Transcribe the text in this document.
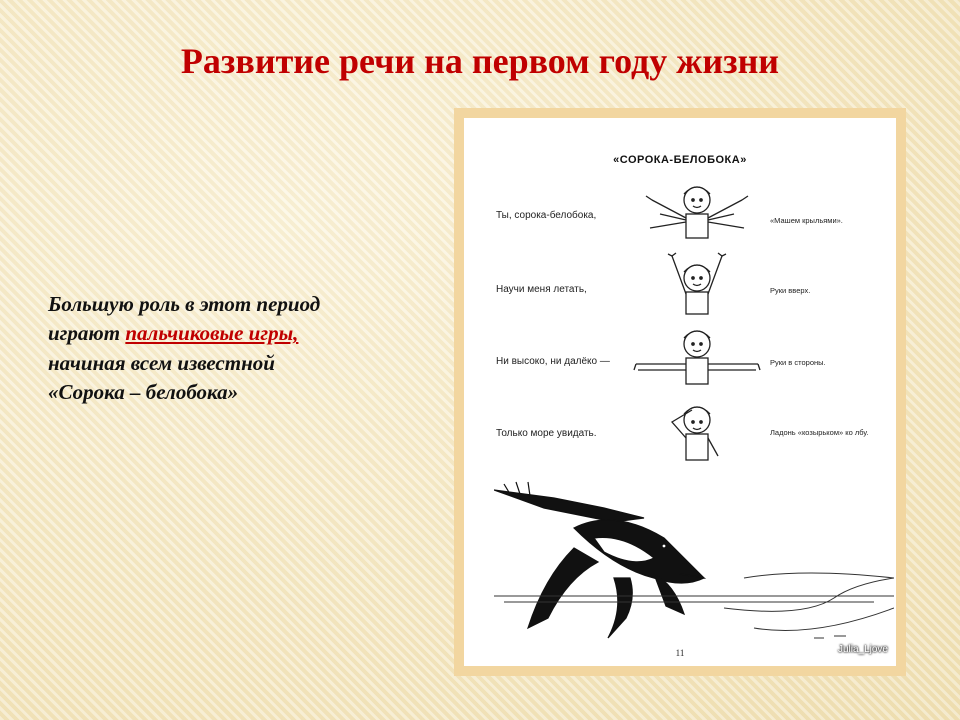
Развитие речи на первом году жизни
Большую роль в этот период
играют пальчиковые игры,
начиная всем известной
«Сорока – белобока»
«СОРОКА-БЕЛОБОКА»
Ты, сорока-белобока,	«Машем крыльями».
Научи меня летать,	Руки вверх.
Ни высоко, ни далёко —	Руки в стороны.
Только море увидать.	Ладонь «козырьком» ко лбу.
11	Julia_Ljove
